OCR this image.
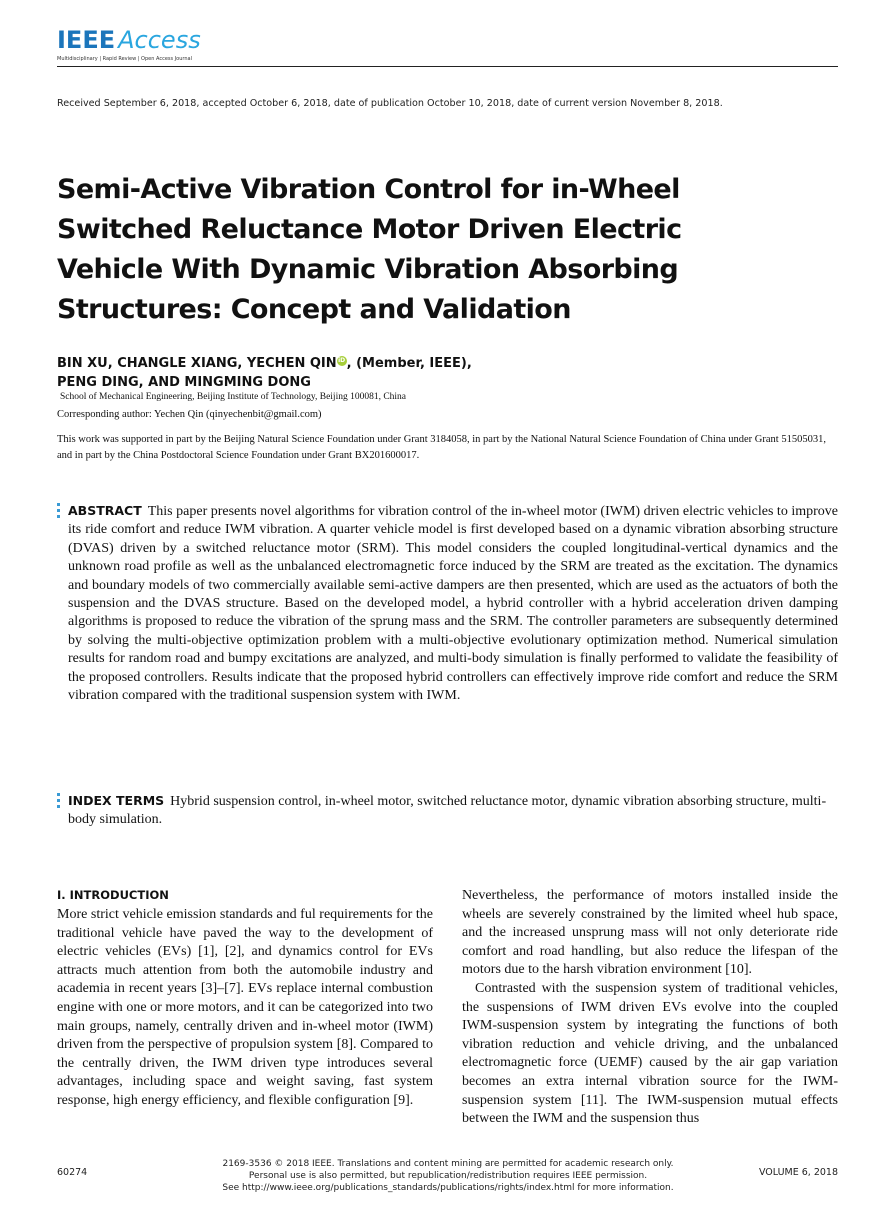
IEEE Access
Multidisciplinary | Rapid Review | Open Access Journal
Received September 6, 2018, accepted October 6, 2018, date of publication October 10, 2018, date of current version November 8, 2018.
Semi-Active Vibration Control for in-Wheel Switched Reluctance Motor Driven Electric Vehicle With Dynamic Vibration Absorbing Structures: Concept and Validation
BIN XU, CHANGLE XIANG, YECHEN QINiD, (Member, IEEE),
PENG DING, AND MINGMING DONG
School of Mechanical Engineering, Beijing Institute of Technology, Beijing 100081, China
Corresponding author: Yechen Qin (qinyechenbit@gmail.com)
This work was supported in part by the Beijing Natural Science Foundation under Grant 3184058, in part by the National Natural Science Foundation of China under Grant 51505031, and in part by the China Postdoctoral Science Foundation under Grant BX201600017.
ABSTRACT This paper presents novel algorithms for vibration control of the in-wheel motor (IWM) driven electric vehicles to improve its ride comfort and reduce IWM vibration. A quarter vehicle model is first developed based on a dynamic vibration absorbing structure (DVAS) driven by a switched reluctance motor (SRM). This model considers the coupled longitudinal-vertical dynamics and the unknown road profile as well as the unbalanced electromagnetic force induced by the SRM are treated as the excitation. The dynamics and boundary models of two commercially available semi-active dampers are then presented, which are used as the actuators of both the suspension and the DVAS structure. Based on the developed model, a hybrid controller with a hybrid acceleration driven damping algorithms is proposed to reduce the vibration of the sprung mass and the SRM. The controller parameters are subsequently determined by solving the multi-objective optimization problem with a multi-objective evolutionary optimization method. Numerical simulation results for random road and bumpy excitations are analyzed, and multi-body simulation is finally performed to validate the feasibility of the proposed controllers. Results indicate that the proposed hybrid controllers can effectively improve ride comfort and reduce the SRM vibration compared with the traditional suspension system with IWM.
INDEX TERMS Hybrid suspension control, in-wheel motor, switched reluctance motor, dynamic vibration absorbing structure, multi-body simulation.
I. INTRODUCTION

More strict vehicle emission standards and ful requirements for the traditional vehicle have paved the way to the development of electric vehicles (EVs) [1], [2], and dynamics control for EVs attracts much attention from both the automobile industry and academia in recent years [3]–[7]. EVs replace internal combustion engine with one or more motors, and it can be categorized into two main groups, namely, centrally driven and in-wheel motor (IWM) driven from the perspective of propulsion system [8]. Compared to the centrally driven, the IWM driven type introduces several advantages, including space and weight saving, fast system response, high energy efficiency, and flexible configuration [9].

Nevertheless, the performance of motors installed inside the wheels are severely constrained by the limited wheel hub space, and the increased unsprung mass will not only deteriorate ride comfort and road handling, but also reduce the lifespan of the motors due to the harsh vibration environment [10].

Contrasted with the suspension system of traditional vehicles, the suspensions of IWM driven EVs evolve into the coupled IWM-suspension system by integrating the functions of both vibration reduction and vehicle driving, and the unbalanced electromagnetic force (UEMF) caused by the air gap variation becomes an extra internal vibration source for the IWM-suspension system [11]. The IWM-suspension mutual effects between the IWM and the suspension thus

60274
2169-3536 © 2018 IEEE. Translations and content mining are permitted for academic research only.
Personal use is also permitted, but republication/redistribution requires IEEE permission.
See http://www.ieee.org/publications_standards/publications/rights/index.html for more information.
VOLUME 6, 2018
